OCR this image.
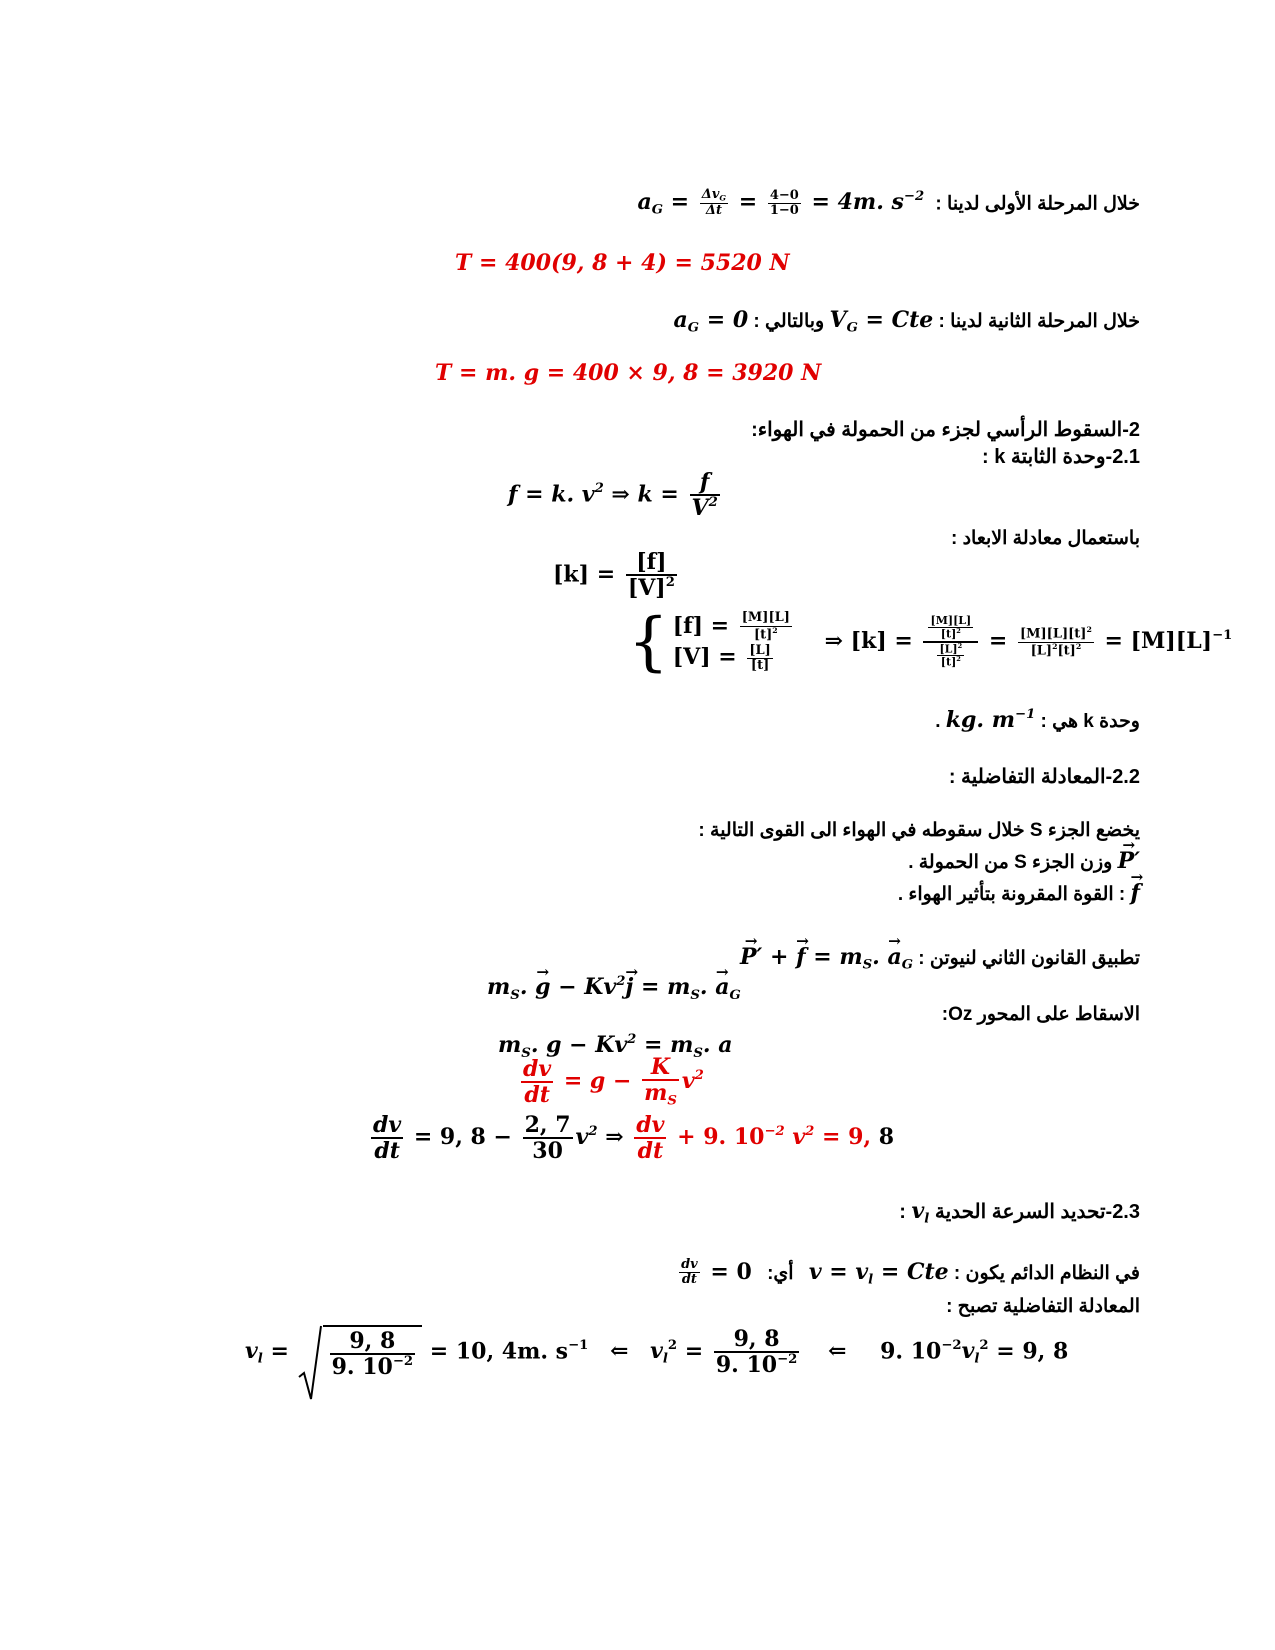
خلال المرحلة الأولى لدينا : $a_G = \frac{\Delta v_G}{\Delta t} = \frac{4-0}{1-0} = 4m$. $s^{-2}$
T = 400(9, 8 + 4) = 5520 N
خلال المرحلة الثانية لدينا : $V_G$ = Cte وبالتالي : $a_G = 0$
T = m. g = 400 × 9, 8 = 3920 N
2-السقوط الرأسي لجزء من الحمولة في الهواء:
2.1-وحدة الثابتة k :
f = k. $v^2$ ⇒ $k = \frac{f}{V^2}$
باستعمال معادلة الابعاد :
$[k] = \frac{[f]}{[V]^2}$
{ $[f] = \frac{[M][L]}{[t]^2}$
$[V] = \frac{[L]}{[t]}$
⇒ $[k] = \frac{\frac{[M][L]}{[t]^2}}{\frac{[L]^2}{[t]^2}} = \frac{[M][L][t]^2}{[L]^2[t]^2} = [M][L]^{-1}$
وحدة k هي : kg. $m^{-1}$ .
2.2-المعادلة التفاضلية :
يخضع الجزء S خلال سقوطه في الهواء الى القوى التالية :
→ P′ وزن الجزء S من الحمولة .
→ f : القوة المقرونة بتأثير الهواء .
تطبيق القانون الثاني لنيوتن : → P′ + → $f = m_S$. → $a_G$
$m_S$. → $g - Kv^2\to j = m_S$. → $a_G$
الاسقاط على المحور Oz:
$m_S$. $g - Kv^2 = m_S$. a
$\frac{dv}{dt} = g - \frac{K}{m_S} v^2$
$\frac{dv}{dt} = 9$, $8 - \frac{2, 7}{30} v^2$ ⇒ $\frac{dv}{dt} + 9$. $10^{-2}$ $v^2 = 9$, 8
2.3-تحديد السرعة الحدية $v_l$ :
في النظام الدائم يكون : $v = v_l$ = Cte أي:
$\frac{dv}{dt} = 0$
المعادلة التفاضلية تصبح :
$v_l = \frac{9, 8}{9. 10^{-2}} = 10$, 4m. $s^{-1}$ ⇐ $v_l^2 = \frac{9, 8}{9. 10^{-2}}$ ⇐ 9. $10^{-2}v_l^2 = 9$, 8
